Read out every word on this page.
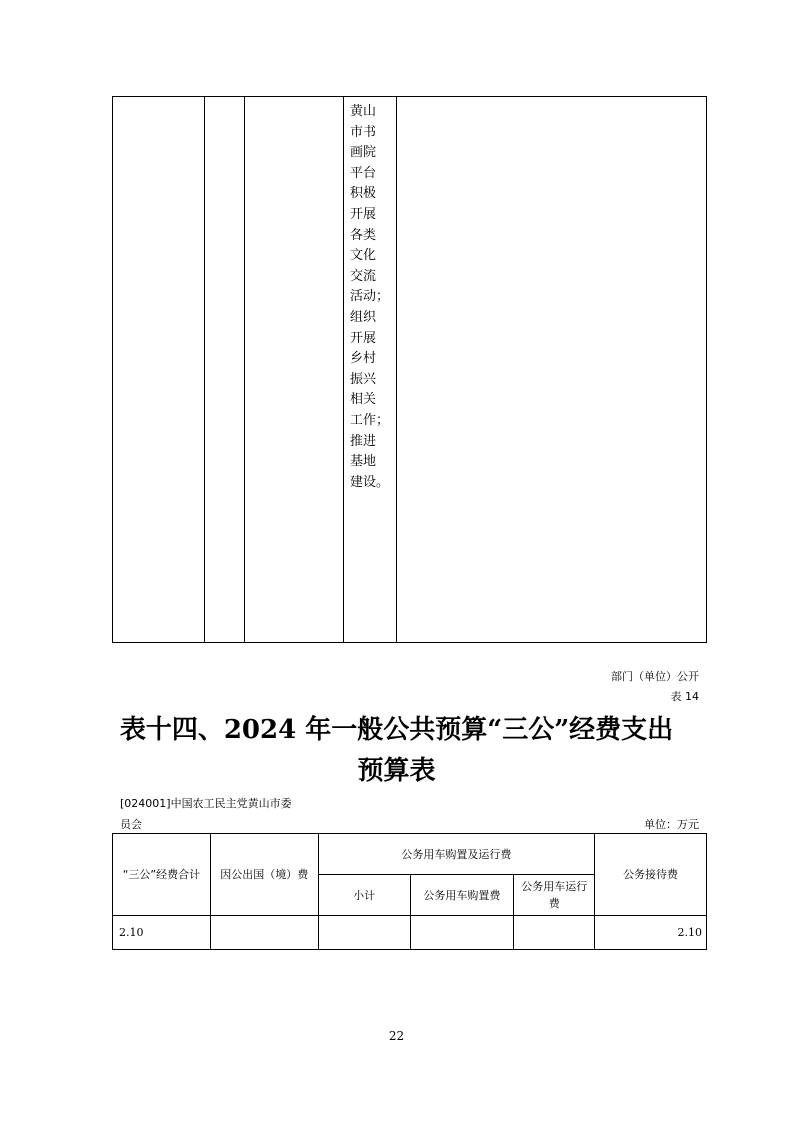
黄山
市书
画院
平台
积极
开展
各类
文化
交流
活动；
组织
开展
乡村
振兴
相关
工作；
推进
基地
建设。
部门（单位）公开
表 14
表十四、2024 年一般公共预算“三公”经费支出
预算表
[024001]中国农工民主党黄山市委
员会	单位：万元
“三公”经费合计	因公出国（境）费	公务用车购置及运行费			公务接待费
		小计	公务用车购置费	公务用车运行费	
2.10					2.10
22
